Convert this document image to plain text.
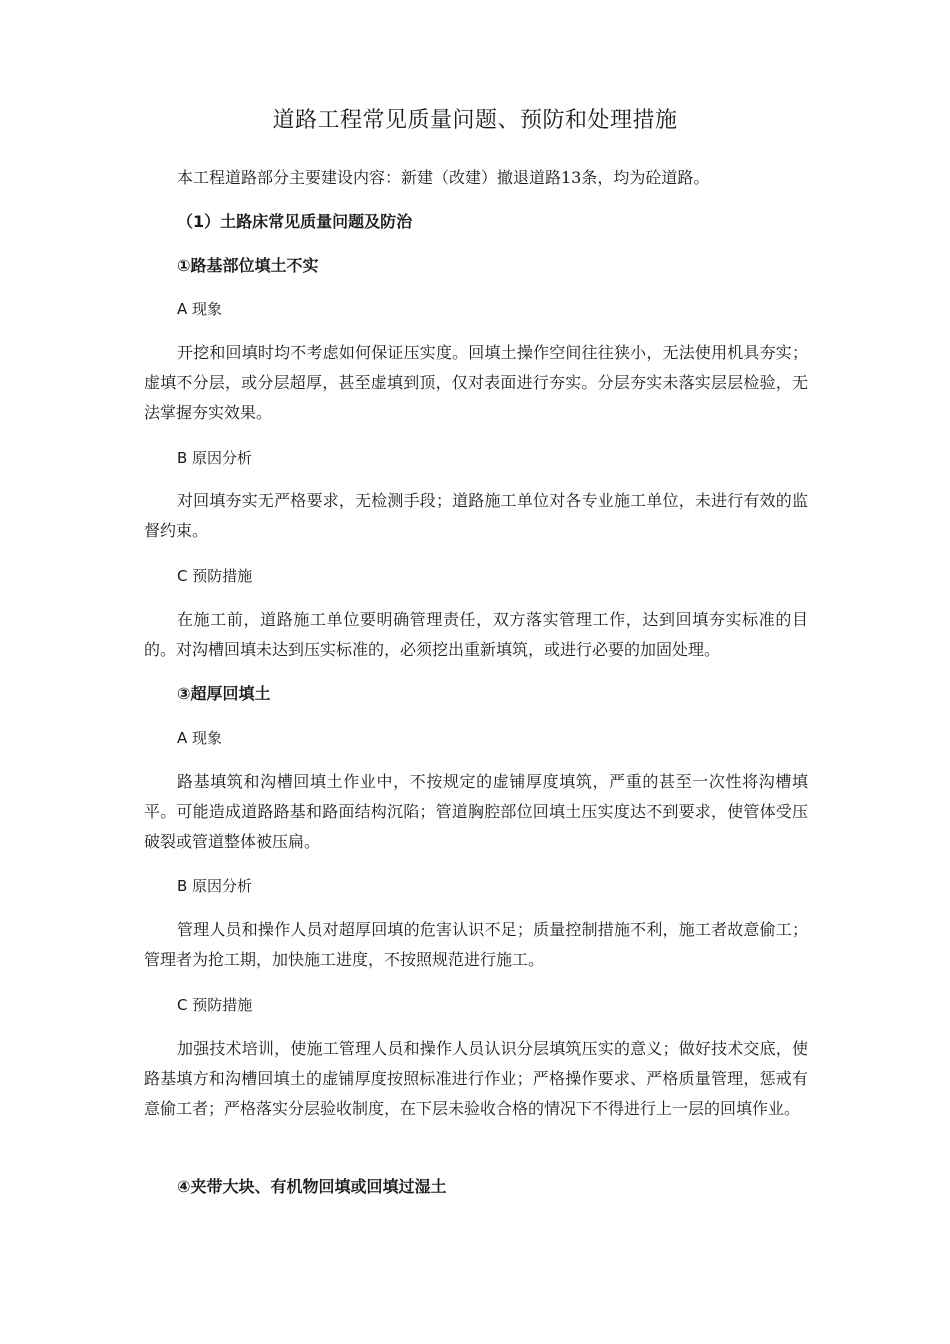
道路工程常见质量问题、预防和处理措施

本工程道路部分主要建设内容：新建（改建）撤退道路13条，均为砼道路。

（1）土路床常见质量问题及防治

①路基部位填土不实

A 现象

开挖和回填时均不考虑如何保证压实度。回填土操作空间往往狭小，无法使用机具夯实；虚填不分层，或分层超厚，甚至虚填到顶，仅对表面进行夯实。分层夯实未落实层层检验，无法掌握夯实效果。

B 原因分析

对回填夯实无严格要求，无检测手段；道路施工单位对各专业施工单位，未进行有效的监督约束。

C 预防措施

在施工前，道路施工单位要明确管理责任，双方落实管理工作，达到回填夯实标准的目的。对沟槽回填未达到压实标准的，必须挖出重新填筑，或进行必要的加固处理。

③超厚回填土

A 现象

路基填筑和沟槽回填土作业中，不按规定的虚铺厚度填筑，严重的甚至一次性将沟槽填平。可能造成道路路基和路面结构沉陷；管道胸腔部位回填土压实度达不到要求，使管体受压破裂或管道整体被压扁。

B 原因分析

管理人员和操作人员对超厚回填的危害认识不足；质量控制措施不利，施工者故意偷工；管理者为抢工期，加快施工进度，不按照规范进行施工。

C 预防措施

加强技术培训，使施工管理人员和操作人员认识分层填筑压实的意义；做好技术交底，使路基填方和沟槽回填土的虚铺厚度按照标准进行作业；严格操作要求、严格质量管理，惩戒有意偷工者；严格落实分层验收制度，在下层未验收合格的情况下不得进行上一层的回填作业。

④夹带大块、有机物回填或回填过湿土
